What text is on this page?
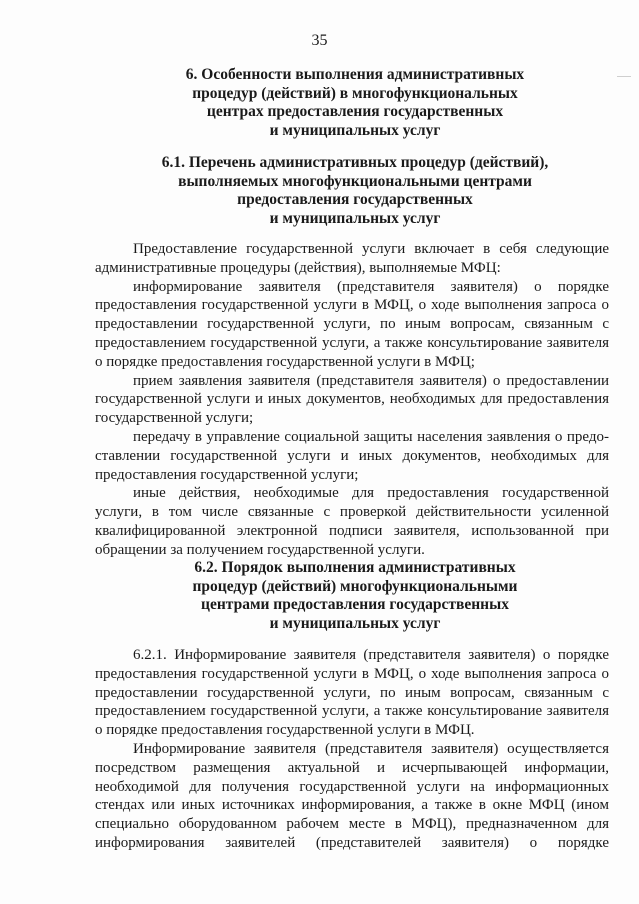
35
6. Особенности выполнения административных
процедур (действий) в многофункциональных
центрах предоставления государственных
и муниципальных услуг
6.1. Перечень административных процедур (действий),
выполняемых многофункциональными центрами
предоставления государственных
и муниципальных услуг
Предоставление государственной услуги включает в себя следующие
административные процедуры (действия), выполняемые МФЦ:
информирование заявителя (представителя заявителя) о порядке
предоставления государственной услуги в МФЦ, о ходе выполнения запроса о
предоставлении государственной услуги, по иным вопросам, связанным с
предоставлением государственной услуги, а также консультирование заявителя
о порядке предоставления государственной услуги в МФЦ;
прием заявления заявителя (представителя заявителя) о предоставлении
государственной услуги и иных документов, необходимых для предоставления
государственной услуги;
передачу в управление социальной защиты населения заявления о предо-
ставлении государственной услуги и иных документов, необходимых для
предоставления государственной услуги;
иные действия, необходимые для предоставления государственной
услуги, в том числе связанные с проверкой действительности усиленной
квалифицированной электронной подписи заявителя, использованной при
обращении за получением государственной услуги.
6.2. Порядок выполнения административных
процедур (действий) многофункциональными
центрами предоставления государственных
и муниципальных услуг
6.2.1. Информирование заявителя (представителя заявителя) о порядке
предоставления государственной услуги в МФЦ, о ходе выполнения запроса о
предоставлении государственной услуги, по иным вопросам, связанным с
предоставлением государственной услуги, а также консультирование заявителя
о порядке предоставления государственной услуги в МФЦ.
Информирование заявителя (представителя заявителя) осуществляется
посредством размещения актуальной и исчерпывающей информации,
необходимой для получения государственной услуги на информационных
стендах или иных источниках информирования, а также в окне МФЦ (ином
специально оборудованном рабочем месте в МФЦ), предназначенном для
информирования заявителей (представителей заявителя) о порядке
